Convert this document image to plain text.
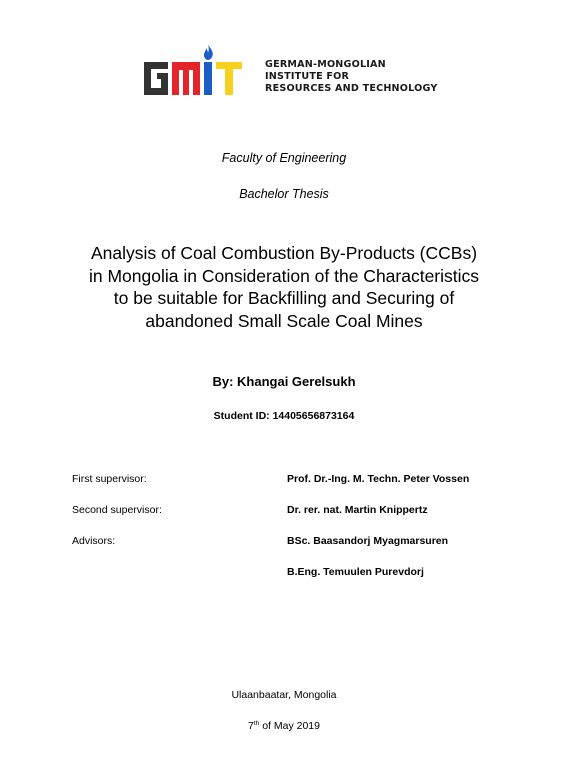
GERMAN-MONGOLIAN
INSTITUTE FOR
RESOURCES AND TECHNOLOGY
Faculty of Engineering
Bachelor Thesis
Analysis of Coal Combustion By-Products (CCBs)
in Mongolia in Consideration of the Characteristics
to be suitable for Backfilling and Securing of
abandoned Small Scale Coal Mines
By: Khangai Gerelsukh
Student ID: 14405656873164
First supervisor:	Prof. Dr.-Ing. M. Techn. Peter Vossen
Second supervisor:	Dr. rer. nat. Martin Knippertz
Advisors:	BSc. Baasandorj Myagmarsuren
B.Eng. Temuulen Purevdorj
Ulaanbaatar, Mongolia
7th of May 2019
